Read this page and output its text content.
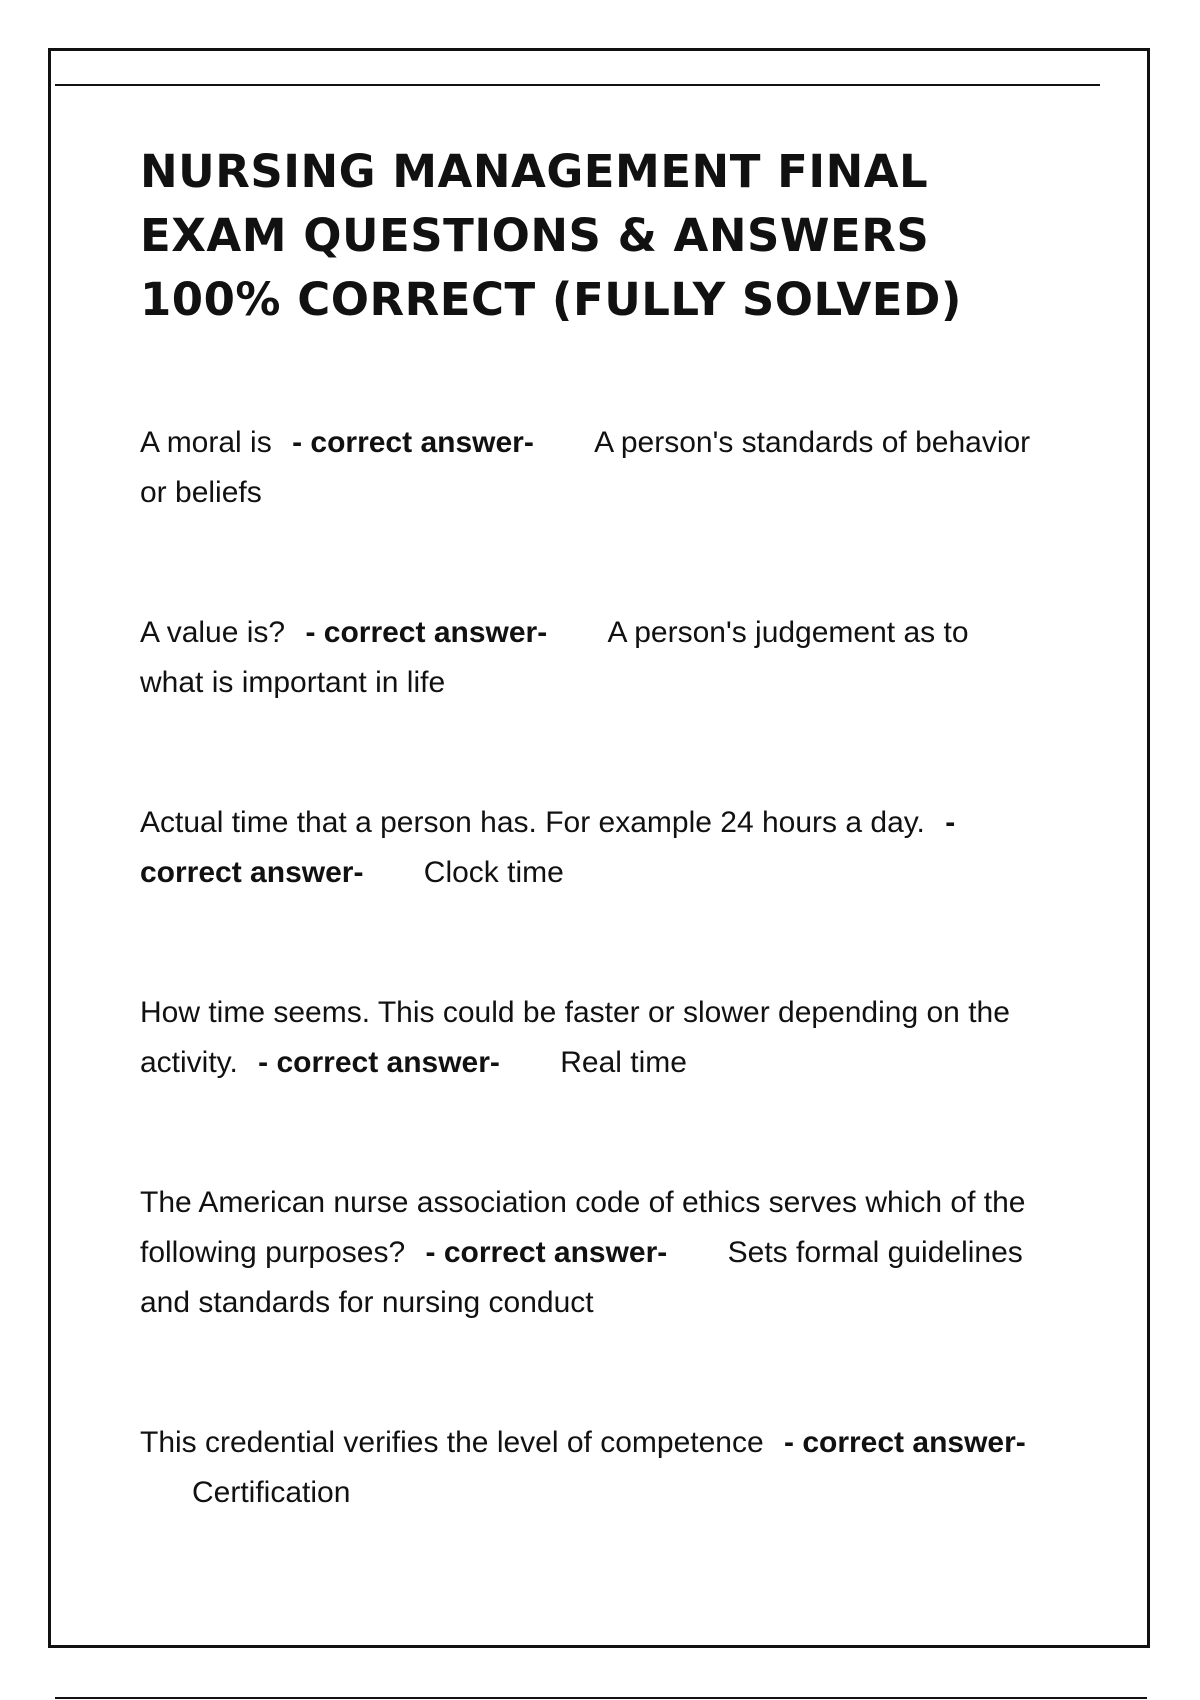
NURSING MANAGEMENT FINAL
EXAM QUESTIONS & ANSWERS
100% CORRECT (FULLY SOLVED)

A moral is - correct answer- A person's standards of behavior or beliefs

A value is? - correct answer- A person's judgement as to what is important in life

Actual time that a person has. For example 24 hours a day. - correct answer- Clock time

How time seems. This could be faster or slower depending on the activity. - correct answer- Real time

The American nurse association code of ethics serves which of the following purposes? - correct answer- Sets formal guidelines and standards for nursing conduct

This credential verifies the level of competence - correct answer- Certification
